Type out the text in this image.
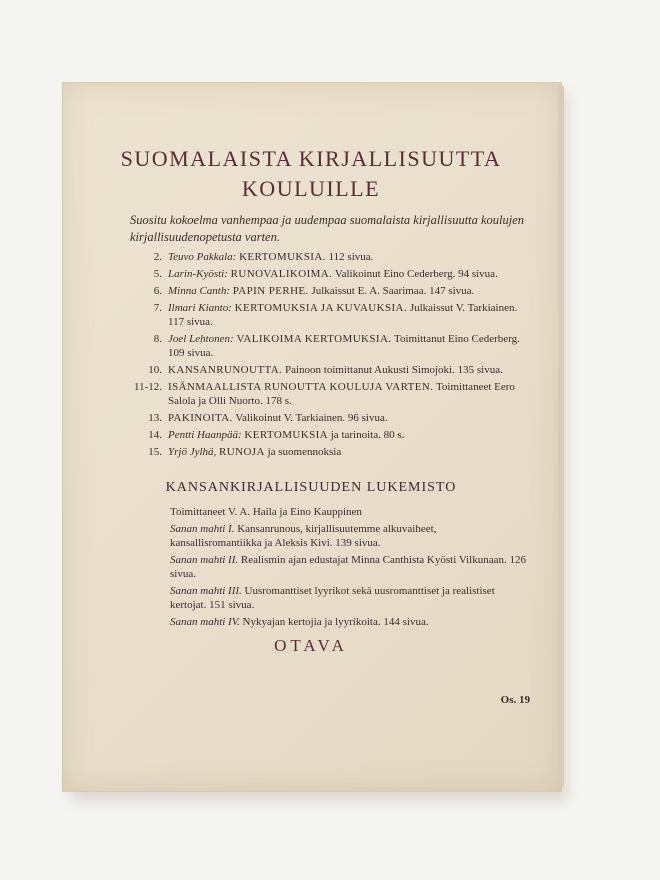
SUOMALAISTA KIRJALLISUUTTA
KOULUILLE
Suositu kokoelma vanhempaa ja uudempaa suomalaista kirjallisuutta koulujen kirjallisuudenopetusta varten.
2. Teuvo Pakkala: KERTOMUKSIA. 112 sivua.
5. Larin-Kyösti: RUNOVALIKOIMA. Valikoinut Eino Cederberg. 94 sivua.
6. Minna Canth: PAPIN PERHE. Julkaissut E. A. Saarimaa. 147 sivua.
7. Ilmari Kianto: KERTOMUKSIA JA KUVAUKSIA. Julkaissut V. Tarkiainen. 117 sivua.
8. Joel Lehtonen: VALIKOIMA KERTOMUKSIA. Toimittanut Eino Cederberg. 109 sivua.
10. KANSANRUNOUTTA. Painoon toimittanut Aukusti Simojoki. 135 sivua.
11-12. ISÄNMAALLISTA RUNOUTTA KOULUJA VARTEN. Toimittaneet Eero Salola ja Olli Nuorto. 178 s.
13. PAKINOITA. Valikoinut V. Tarkiainen. 96 sivua.
14. Pentti Haanpää: KERTOMUKSIA ja tarinoita. 80 s.
15. Yrjö Jylhä, RUNOJA ja suomennoksia
KANSANKIRJALLISUUDEN LUKEMISTO
Toimittaneet V. A. Haila ja Eino Kauppinen
Sanan mahti I. Kansanrunous, kirjallisuutemme alkuvaiheet, kansallisromantiikka ja Aleksis Kivi. 139 sivua.
Sanan mahti II. Realismin ajan edustajat Minna Canthista Kyösti Vilkunaan. 126 sivua.
Sanan mahti III. Uusromanttiset lyyrikot sekä uusromanttiset ja realistiset kertojat. 151 sivua.
Sanan mahti IV. Nykyajan kertojia ja lyyrikoita. 144 sivua.
OTAVA
Os. 19
